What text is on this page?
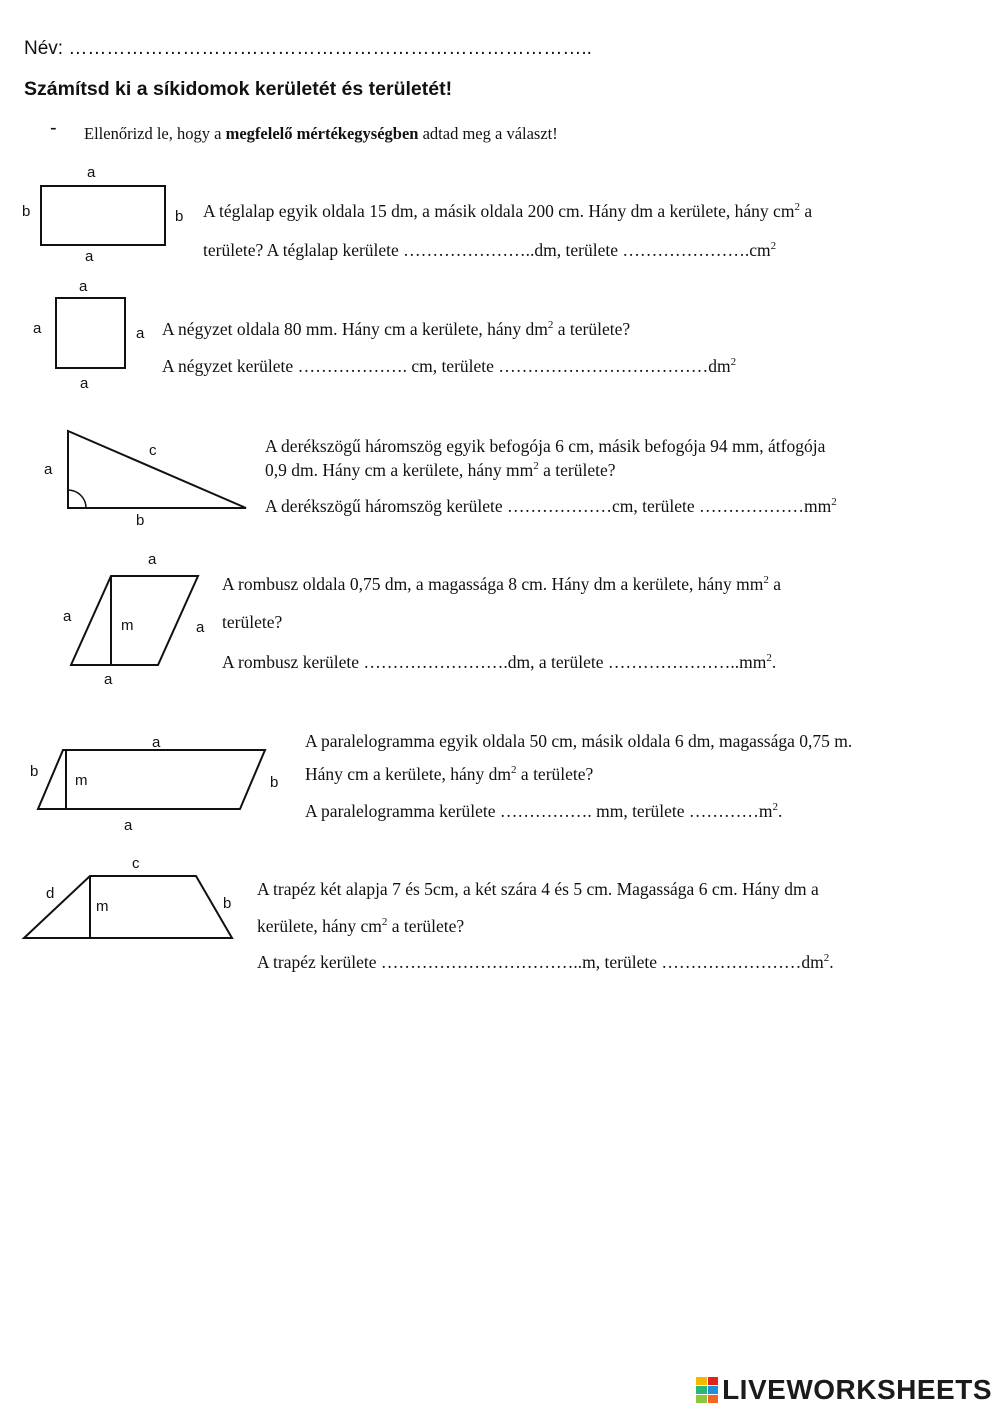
Név: ………………………………………………………………………..
Számítsd ki a síkidomok kerületét és területét!
- Ellenőrizd le, hogy a megfelelő mértékegységben adtad meg a választ!
a
a
b	b A téglalap egyik oldala 15 dm, a másik oldala 200 cm. Hány dm a kerülete, hány $cm^2$ a
területe? A téglalap kerülete …………………..dm, területe $\dots\dots\dots\dots\dots\dots\dots.cm^2$
a
a
a	a A négyzet oldala 80 mm. Hány cm a kerülete, hány $dm^2$ a területe?
A négyzet kerülete ………………. cm, területe $\dots\dots\dots\dots\dots\dots\dots\dots\dots\dots\dots\dots dm^2$
a
b
c	A derékszögű háromszög egyik befogója 6 cm, másik befogója 94 mm, átfogója
0,9 dm. Hány cm a kerülete, hány $mm^2$ a területe?
A derékszögű háromszög kerülete ………………cm, területe $\dots\dots\dots\dots\dots\dots mm^2$
a
a
a
a
m
A rombusz oldala 0,75 dm, a magassága 8 cm. Hány dm a kerülete, hány $mm^2$ a
területe?
A rombusz kerülete …………………….dm, a területe $\dots\dots\dots\dots\dots\dots\dots..mm^2$.
a
a
b
b
m
A paralelogramma egyik oldala 50 cm, másik oldala 6 dm, magassága 0,75 m.
Hány cm a kerülete, hány $dm^2$ a területe?
A paralelogramma kerülete ……………. mm, területe $\dots\dots\dots\dots m^2$.
c
d
b
m
A trapéz két alapja 7 és 5cm, a két szára 4 és 5 cm. Magassága 6 cm. Hány dm a
kerülete, hány $cm^2$ a területe?
A trapéz kerülete ……………………………..m, területe $\dots\dots\dots\dots\dots\dots\dots\dots dm^2$.
LIVEWORKSHEETS
